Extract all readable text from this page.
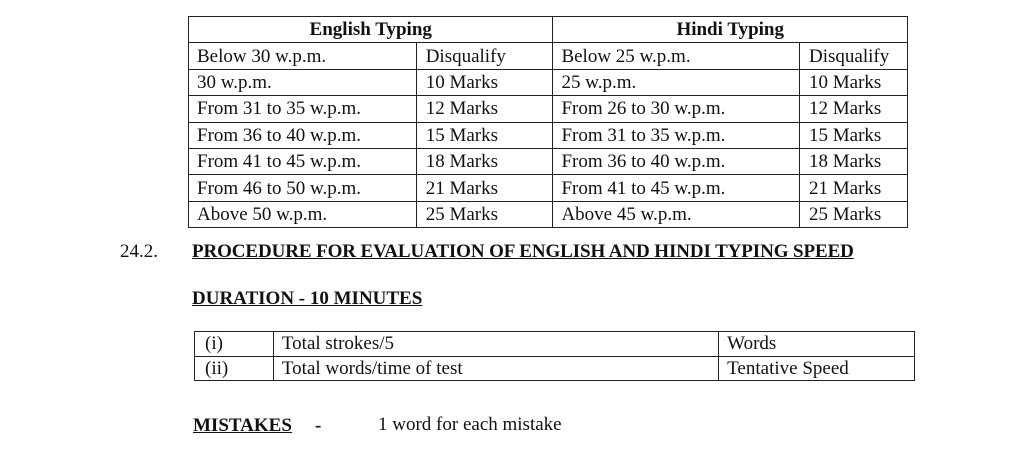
English Typing		Hindi Typing	
Below 30 w.p.m.	Disqualify	Below 25 w.p.m.	Disqualify
30 w.p.m.	10 Marks	25 w.p.m.	10 Marks
From 31 to 35 w.p.m.	12 Marks	From 26 to 30 w.p.m.	12 Marks
From 36 to 40 w.p.m.	15 Marks	From 31 to 35 w.p.m.	15 Marks
From 41 to 45 w.p.m.	18 Marks	From 36 to 40 w.p.m.	18 Marks
From 46 to 50 w.p.m.	21 Marks	From 41 to 45 w.p.m.	21 Marks
Above 50 w.p.m.	25 Marks	Above 45 w.p.m.	25 Marks
24.2. PROCEDURE FOR EVALUATION OF ENGLISH AND HINDI TYPING SPEED
DURATION - 10 MINUTES
(i)	Total strokes/5	Words
(ii)	Total words/time of test	Tentative Speed
MISTAKES -	1 word for each mistake
